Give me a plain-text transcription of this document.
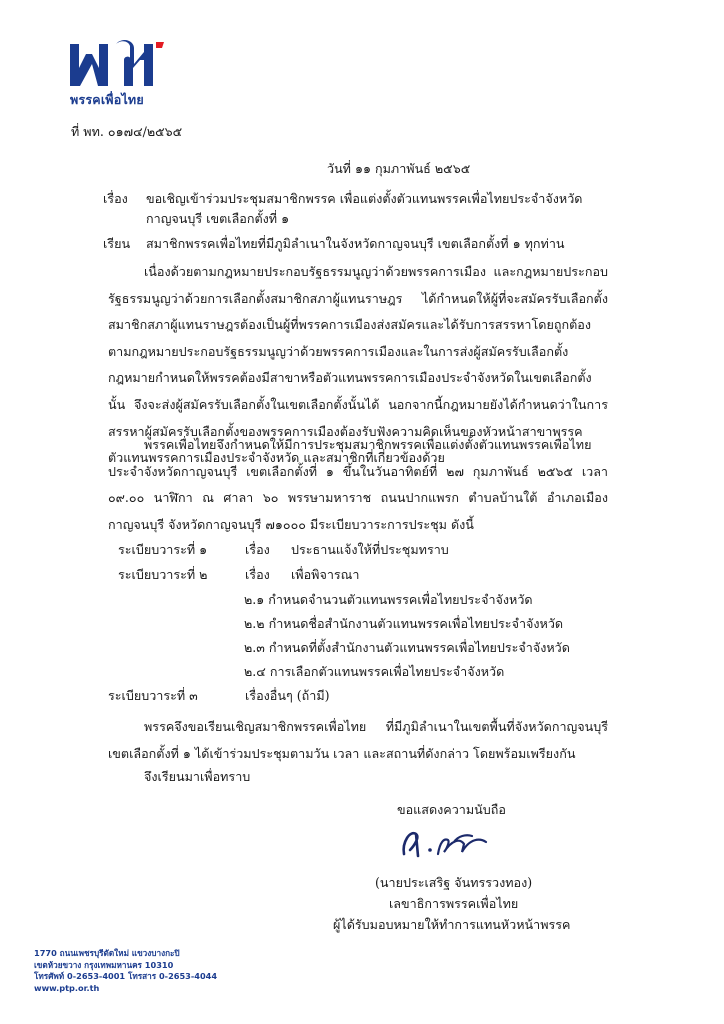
พรรคเพื่อไทย
ที่ พท. ๐๑๗๔/๒๕๖๕
วันที่ ๑๑ กุมภาพันธ์ ๒๕๖๕
เรื่อง ขอเชิญเข้าร่วมประชุมสมาชิกพรรค เพื่อแต่งตั้งตัวแทนพรรคเพื่อไทยประจำจังหวัดกาญจนบุรี เขตเลือกตั้งที่ ๑
เรียน สมาชิกพรรคเพื่อไทยที่มีภูมิลำเนาในจังหวัดกาญจนบุรี เขตเลือกตั้งที่ ๑ ทุกท่าน
เนื่องด้วยตามกฎหมายประกอบรัฐธรรมนูญว่าด้วยพรรคการเมือง และกฎหมายประกอบรัฐธรรมนูญว่าด้วยการเลือกตั้งสมาชิกสภาผู้แทนราษฎร ได้กำหนดให้ผู้ที่จะสมัครรับเลือกตั้งสมาชิกสภาผู้แทนราษฎรต้องเป็นผู้ที่พรรคการเมืองส่งสมัครและได้รับการสรรหาโดยถูกต้องตามกฎหมายประกอบรัฐธรรมนูญว่าด้วยพรรคการเมืองและในการส่งผู้สมัครรับเลือกตั้ง กฎหมายกำหนดให้พรรคต้องมีสาขาหรือตัวแทนพรรคการเมืองประจำจังหวัดในเขตเลือกตั้งนั้น จึงจะส่งผู้สมัครรับเลือกตั้งในเขตเลือกตั้งนั้นได้ นอกจากนี้กฎหมายยังได้กำหนดว่าในการสรรหาผู้สมัครรับเลือกตั้งของพรรคการเมืองต้องรับฟังความคิดเห็นของหัวหน้าสาขาพรรค ตัวแทนพรรคการเมืองประจำจังหวัด และสมาชิกที่เกี่ยวข้องด้วย
พรรคเพื่อไทยจึงกำหนดให้มีการประชุมสมาชิกพรรคเพื่อแต่งตั้งตัวแทนพรรคเพื่อไทยประจำจังหวัดกาญจนบุรี เขตเลือกตั้งที่ ๑ ขึ้นในวันอาทิตย์ที่ ๒๗ กุมภาพันธ์ ๒๕๖๕ เวลา ๐๙.๐๐ นาฬิกา ณ ศาลา ๖๐ พรรษามหาราช ถนนปากแพรก ตำบลบ้านใต้ อำเภอเมืองกาญจนบุรี จังหวัดกาญจนบุรี ๗๑๐๐๐ มีระเบียบวาระการประชุม ดังนี้
ระเบียบวาระที่ ๑	เรื่อง ประธานแจ้งให้ที่ประชุมทราบ
ระเบียบวาระที่ ๒	เรื่อง เพื่อพิจารณา
๒.๑ กำหนดจำนวนตัวแทนพรรคเพื่อไทยประจำจังหวัด
๒.๒ กำหนดชื่อสำนักงานตัวแทนพรรคเพื่อไทยประจำจังหวัด
๒.๓ กำหนดที่ตั้งสำนักงานตัวแทนพรรคเพื่อไทยประจำจังหวัด
๒.๔ การเลือกตัวแทนพรรคเพื่อไทยประจำจังหวัด
ระเบียบวาระที่ ๓	เรื่องอื่นๆ (ถ้ามี)
พรรคจึงขอเรียนเชิญสมาชิกพรรคเพื่อไทย ที่มีภูมิลำเนาในเขตพื้นที่จังหวัดกาญจนบุรี เขตเลือกตั้งที่ ๑ ได้เข้าร่วมประชุมตามวัน เวลา และสถานที่ดังกล่าว โดยพร้อมเพรียงกัน
จึงเรียนมาเพื่อทราบ
ขอแสดงความนับถือ
(นายประเสริฐ จันทรรวงทอง)
เลขาธิการพรรคเพื่อไทย
ผู้ได้รับมอบหมายให้ทำการแทนหัวหน้าพรรค
1770 ถนนเพชรบุรีตัดใหม่ แขวงบางกะปิ
เขตห้วยขวาง กรุงเทพมหานคร 10310
โทรศัพท์ 0-2653-4001 โทรสาร 0-2653-4044
www.ptp.or.th
